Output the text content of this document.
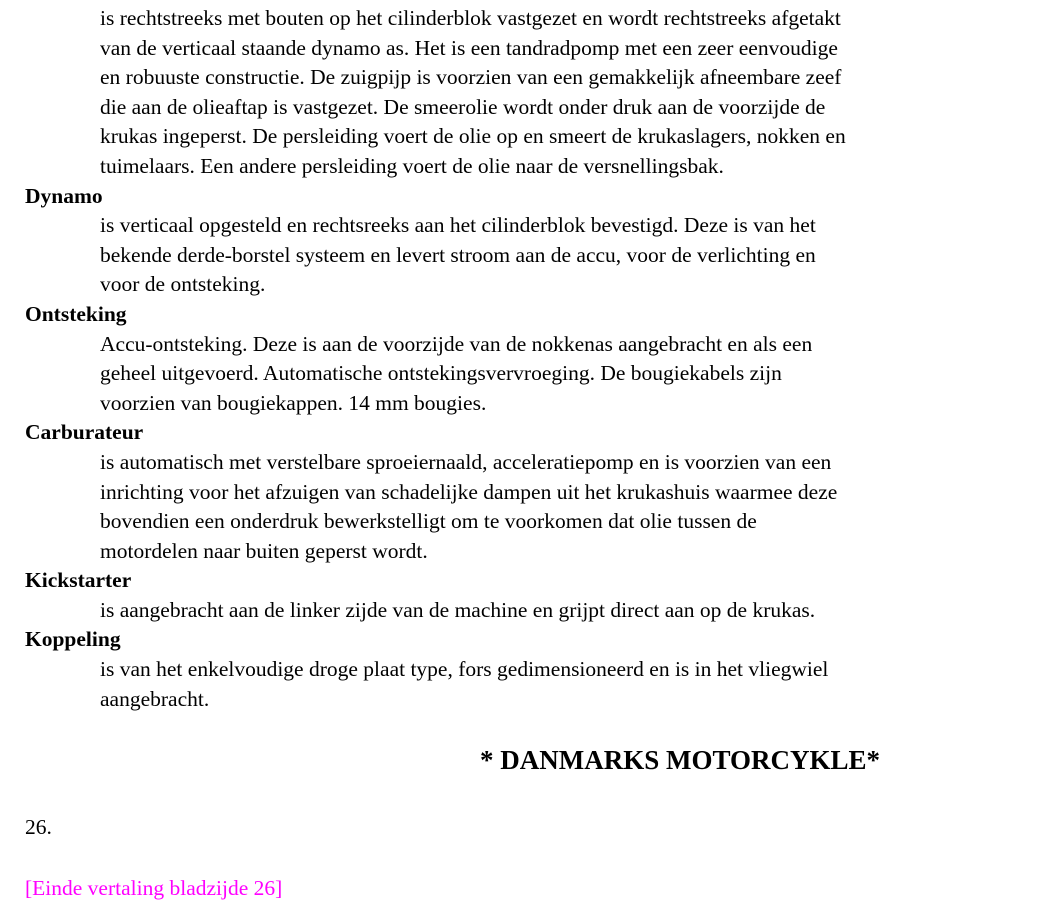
is rechtstreeks met bouten op het cilinderblok vastgezet en wordt rechtstreeks afgetakt
van de verticaal staande dynamo as. Het is een tandradpomp met een zeer eenvoudige
en robuuste constructie. De zuigpijp is voorzien van een gemakkelijk afneembare zeef
die aan de olieaftap is vastgezet. De smeerolie wordt onder druk aan de voorzijde de
krukas ingeperst. De persleiding voert de olie op en smeert de krukaslagers, nokken en
tuimelaars. Een andere persleiding voert de olie naar de versnellingsbak.
Dynamo
is verticaal opgesteld en rechtsreeks aan het cilinderblok bevestigd. Deze is van het
bekende derde-borstel systeem en levert stroom aan de accu, voor de verlichting en
voor de ontsteking.
Ontsteking
Accu-ontsteking. Deze is aan de voorzijde van de nokkenas aangebracht en als een
geheel uitgevoerd. Automatische ontstekingsvervroeging. De bougiekabels zijn
voorzien van bougiekappen. 14 mm bougies.
Carburateur
is automatisch met verstelbare sproeiernaald, acceleratiepomp en is voorzien van een
inrichting voor het afzuigen van schadelijke dampen uit het krukashuis waarmee deze
bovendien een onderdruk bewerkstelligt om te voorkomen dat olie tussen de
motordelen naar buiten geperst wordt.
Kickstarter
is aangebracht aan de linker zijde van de machine en grijpt direct aan op de krukas.
Koppeling
is van het enkelvoudige droge plaat type, fors gedimensioneerd en is in het vliegwiel
aangebracht.
* DANMARKS MOTORCYKLE*
26.
[Einde vertaling bladzijde 26]
